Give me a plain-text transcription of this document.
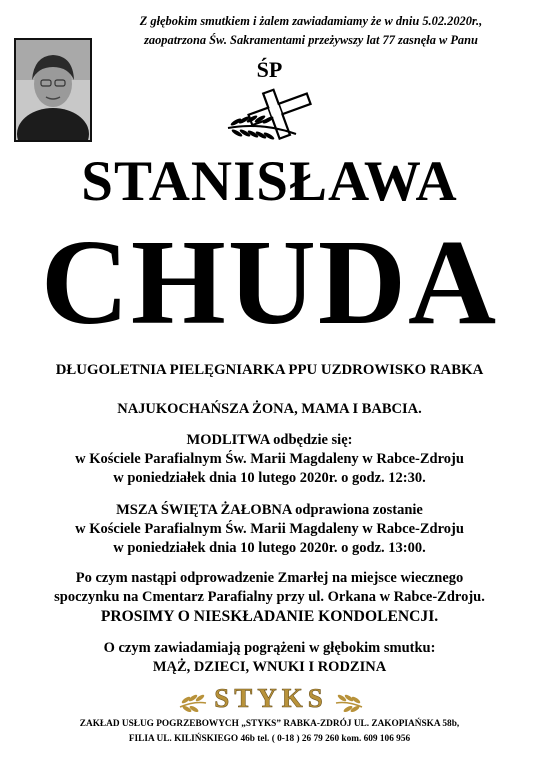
Z głębokim smutkiem i żalem zawiadamiamy że w dniu 5.02.2020r.,
zaopatrzona Św. Sakramentami przeżywszy lat 77 zasnęła w Panu
ŚP
STANISŁAWA
CHUDA
DŁUGOLETNIA PIELĘGNIARKA PPU UZDROWISKO RABKA
NAJUKOCHAŃSZA ŻONA, MAMA I BABCIA.
MODLITWA odbędzie się:
w Kościele Parafialnym Św. Marii Magdaleny w Rabce-Zdroju
w poniedziałek dnia 10 lutego 2020r. o godz. 12:30.
MSZA ŚWIĘTA ŻAŁOBNA odprawiona zostanie
w Kościele Parafialnym Św. Marii Magdaleny w Rabce-Zdroju
w poniedziałek dnia 10 lutego 2020r. o godz. 13:00.
Po czym nastąpi odprowadzenie Zmarłej na miejsce wiecznego
spoczynku na Cmentarz Parafialny przy ul. Orkana w Rabce-Zdroju.
PROSIMY O NIESKŁADANIE KONDOLENCJI.
O czym zawiadamiają pogrążeni w głębokim smutku:
MĄŻ, DZIECI, WNUKI I RODZINA
STYKS
ZAKŁAD USŁUG POGRZEBOWYCH „STYKS” RABKA-ZDRÓJ UL. ZAKOPIAŃSKA 58b,
FILIA UL. KILIŃSKIEGO 46b tel. ( 0-18 ) 26 79 260 kom. 609 106 956
